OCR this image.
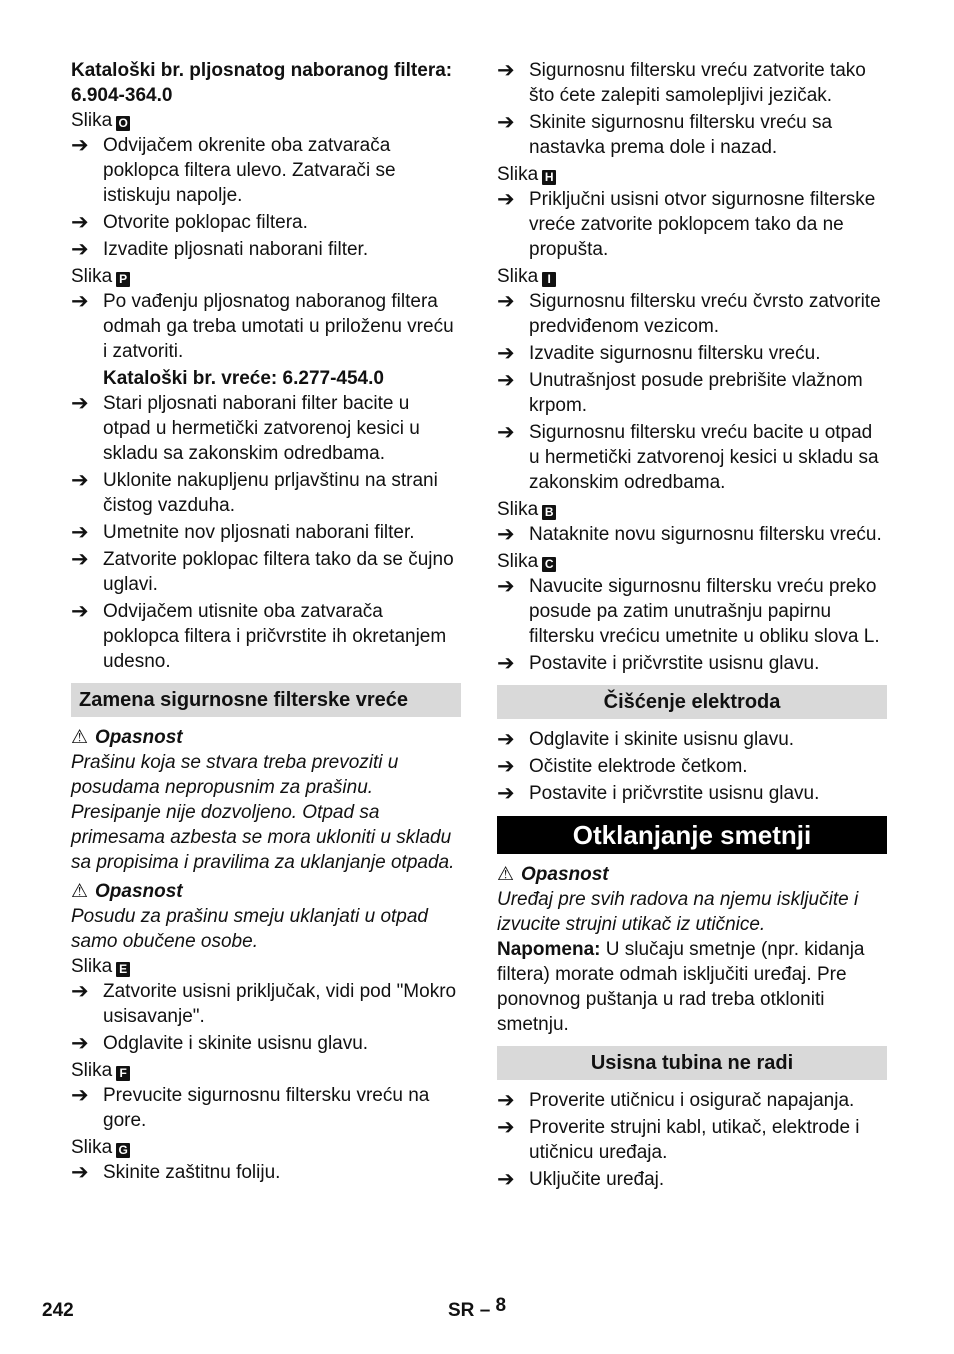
Kataloški br. pljosnatog naboranog filtera: 6.904-364.0

Slika O

➔ Odvijačem okrenite oba zatvarača poklopca filtera ulevo. Zatvarači se istiskuju napolje.
➔ Otvorite poklopac filtera.
➔ Izvadite pljosnati naborani filter.

Slika P

➔ Po vađenju pljosnatog naboranog filtera odmah ga treba umotati u priloženu vreću i zatvoriti.

Kataloški br. vreće: 6.277-454.0

➔ Stari pljosnati naborani filter bacite u otpad u hermetički zatvorenoj kesici u skladu sa zakonskim odredbama.
➔ Uklonite nakupljenu prljavštinu na strani čistog vazduha.
➔ Umetnite nov pljosnati naborani filter.
➔ Zatvorite poklopac filtera tako da se čujno uglavi.
➔ Odvijačem utisnite oba zatvarača poklopca filtera i pričvrstite ih okretanjem udesno.
Zamena sigurnosne filterske vreće

⚠ Opasnost

Prašinu koja se stvara treba prevoziti u posudama nepropusnim za prašinu. Presipanje nije dozvoljeno. Otpad sa primesama azbesta se mora ukloniti u skladu sa propisima i pravilima za uklanjanje otpada.

⚠ Opasnost

Posudu za prašinu smeju uklanjati u otpad samo obučene osobe.

Slika E

➔ Zatvorite usisni priključak, vidi pod "Mokro usisavanje".
➔ Odglavite i skinite usisnu glavu.

Slika F

➔ Prevucite sigurnosnu filtersku vreću na gore.

Slika G

➔ Skinite zaštitnu foliju.
➔ Sigurnosnu filtersku vreću zatvorite tako što ćete zalepiti samolepljivi jezičak.
➔ Skinite sigurnosnu filtersku vreću sa nastavka prema dole i nazad.

Slika H

➔ Priključni usisni otvor sigurnosne filterske vreće zatvorite poklopcem tako da ne propušta.

Slika I

➔ Sigurnosnu filtersku vreću čvrsto zatvorite predviđenom vezicom.
➔ Izvadite sigurnosnu filtersku vreću.
➔ Unutrašnjost posude prebrišite vlažnom krpom.
➔ Sigurnosnu filtersku vreću bacite u otpad u hermetički zatvorenoj kesici u skladu sa zakonskim odredbama.

Slika B

➔ Nataknite novu sigurnosnu filtersku vreću.

Slika C

➔ Navucite sigurnosnu filtersku vreću preko posude pa zatim unutrašnju papirnu filtersku vrećicu umetnite u obliku slova L.
➔ Postavite i pričvrstite usisnu glavu.
Čišćenje elektroda
➔ Odglavite i skinite usisnu glavu.
➔ Očistite elektrode četkom.
➔ Postavite i pričvrstite usisnu glavu.
Otklanjanje smetnji

⚠ Opasnost

Uređaj pre svih radova na njemu isključite i izvucite strujni utikač iz utičnice.

Napomena: U slučaju smetnje (npr. kidanja filtera) morate odmah isključiti uređaj. Pre ponovnog puštanja u rad treba otkloniti smetnju.

Usisna tubina ne radi
➔ Proverite utičnicu i osigurač napajanja.
➔ Proverite strujni kabl, utikač, elektrode i utičnicu uređaja.
➔ Uključite uređaj.
242	SR – 8
